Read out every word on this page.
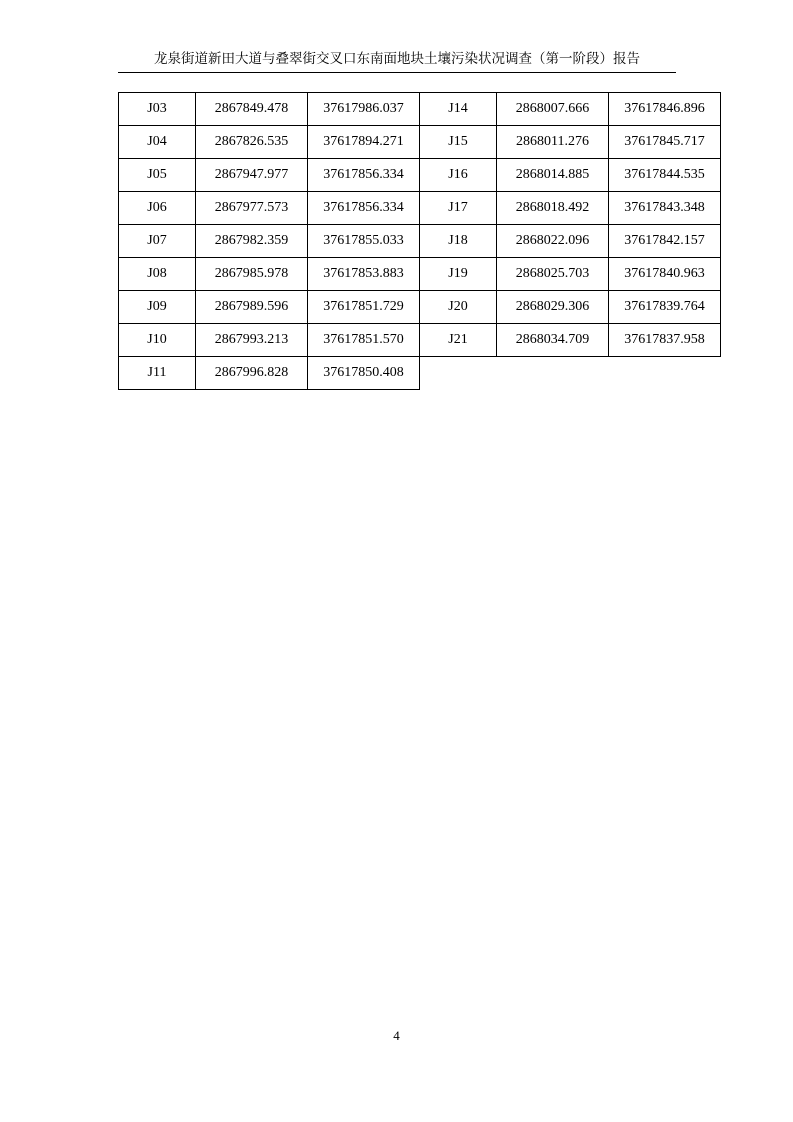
龙泉街道新田大道与叠翠街交叉口东南面地块土壤污染状况调查（第一阶段）报告
J03	2867849.478	37617986.037	J14	2868007.666	37617846.896
J04	2867826.535	37617894.271	J15	2868011.276	37617845.717
J05	2867947.977	37617856.334	J16	2868014.885	37617844.535
J06	2867977.573	37617856.334	J17	2868018.492	37617843.348
J07	2867982.359	37617855.033	J18	2868022.096	37617842.157
J08	2867985.978	37617853.883	J19	2868025.703	37617840.963
J09	2867989.596	37617851.729	J20	2868029.306	37617839.764
J10	2867993.213	37617851.570	J21	2868034.709	37617837.958
J11	2867996.828	37617850.408			
4
